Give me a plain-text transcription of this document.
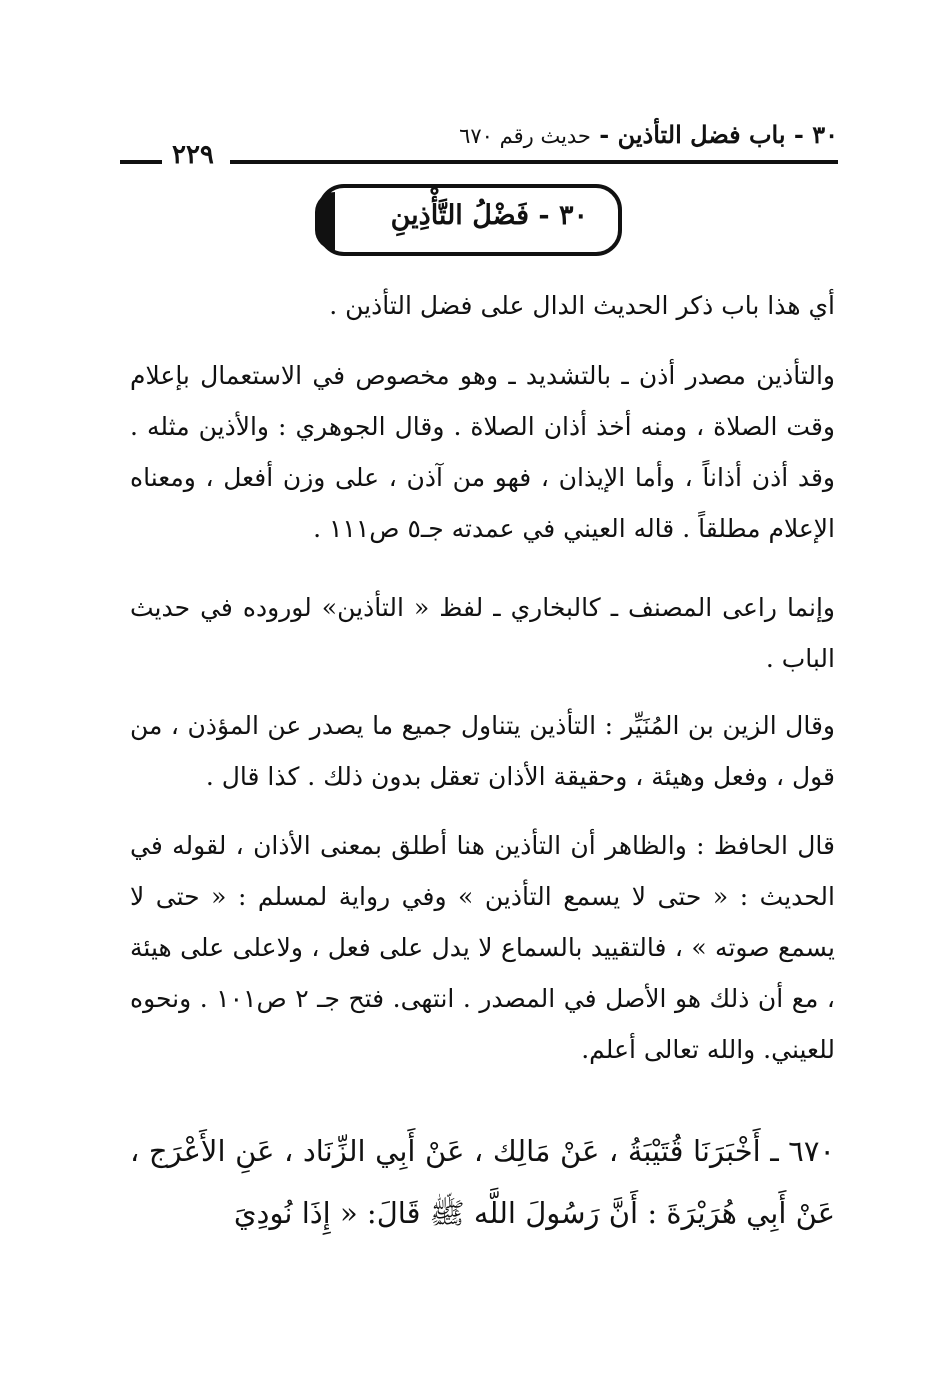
٣٠ - باب فضل التأذين - حديث رقم ٦٧٠
٢٢٩
٣٠ - فَضْلُ التَّأْذِينِ

أي هذا باب ذكر الحديث الدال على فضل التأذين .

والتأذين مصدر أذن ـ بالتشديد ـ وهو مخصوص في الاستعمال بإعلام وقت الصلاة ، ومنه أخذ أذان الصلاة . وقال الجوهري : والأذين مثله . وقد أذن أذاناً ، وأما الإيذان ، فهو من آذن ، على وزن أفعل ، ومعناه الإعلام مطلقاً . قاله العيني في عمدته جـ٥ ص١١١ .

وإنما راعى المصنف ـ كالبخاري ـ لفظ « التأذين» لوروده في حديث الباب .

وقال الزين بن المُنَيِّر : التأذين يتناول جميع ما يصدر عن المؤذن ، من قول ، وفعل وهيئة ، وحقيقة الأذان تعقل بدون ذلك . كذا قال .

قال الحافظ : والظاهر أن التأذين هنا أطلق بمعنى الأذان ، لقوله في الحديث : « حتى لا يسمع التأذين » وفي رواية لمسلم : « حتى لا يسمع صوته » ، فالتقييد بالسماع لا يدل على فعل ، ولاعلى على هيئة ، مع أن ذلك هو الأصل في المصدر . انتهى. فتح جـ ٢ ص١٠١ . ونحوه للعيني. والله تعالى أعلم.

٦٧٠ ـ أَخْبَرَنَا قُتَيْبَةُ ، عَنْ مَالِك ، عَنْ أَبِي الزِّنَاد ، عَنِ الأَعْرَج ، عَنْ أَبِي هُرَيْرَةَ : أَنَّ رَسُولَ اللَّه ﷺ قَالَ: « إِذَا نُودِيَ
